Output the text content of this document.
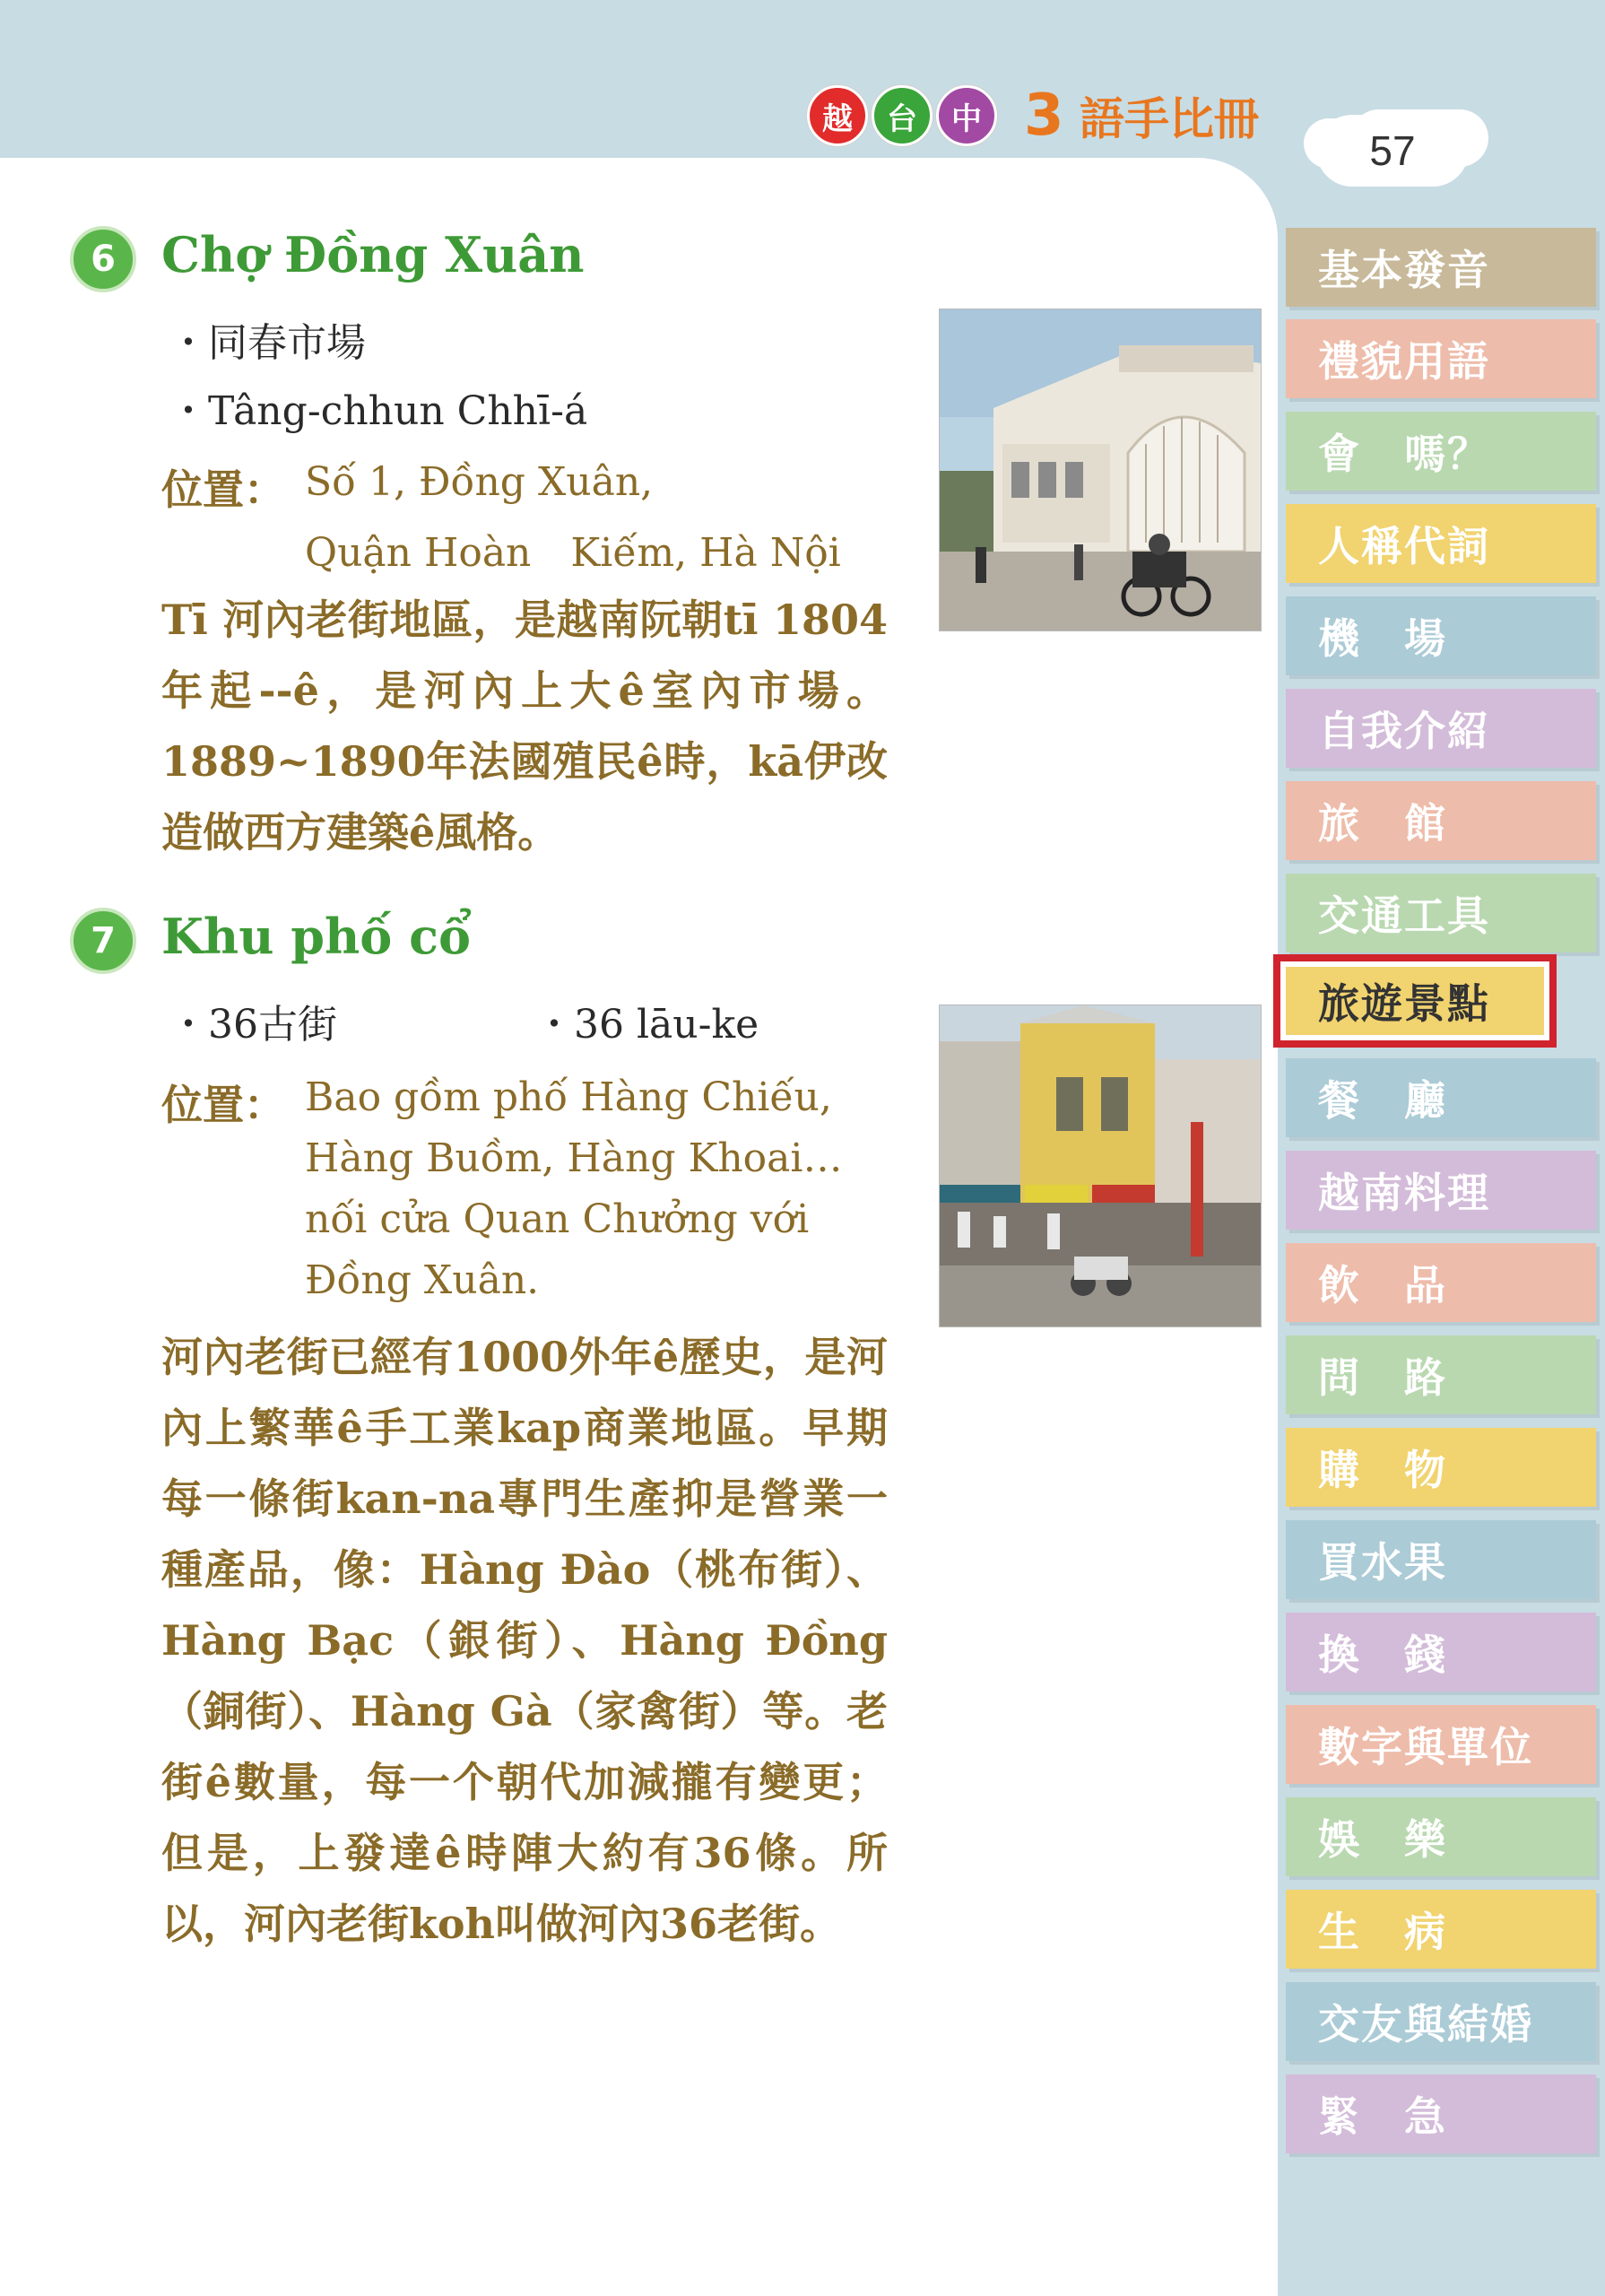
越	台	中 3 語手比冊
57
6 Chợ Đồng Xuân
・同春市場
・Tâng-chhun Chhī-á
位置： Số 1, Đồng Xuân,
Quận Hoàn　Kiếm, Hà Nội
Tī 河內老街地區，是越南阮朝tī 1804年起--ê，是河內上大ê室內市場。1889~1890年法國殖民ê時，kā伊改造做西方建築ê風格。
7 Khu phố cổ
・36古街	・36 lāu-ke
位置： Bao gồm phố Hàng Chiếu,
Hàng Buồm, Hàng Khoai…
nối cửa Quan Chưởng với
Đồng Xuân.
河內老街已經有1000外年ê歷史，是河內上繁華ê手工業kap商業地區。早期每一條街kan-na專門生產抑是營業一種產品，像：Hàng Đào（桃布街）、Hàng Bạc（銀街）、Hàng Đồng（銅街）、Hàng Gà（家禽街）等。老街ê數量，每一个朝代加減攏有變更；但是，上發達ê時陣大約有36條。所以，河內老街koh叫做河內36老街。
基本發音
禮貌用語
會　嗎？
人稱代詞
機　場
自我介紹
旅　館
交通工具
旅遊景點
餐　廳
越南料理
飲　品
問　路
購　物
買水果
換　錢
數字與單位
娛　樂
生　病
交友與結婚
緊　急
